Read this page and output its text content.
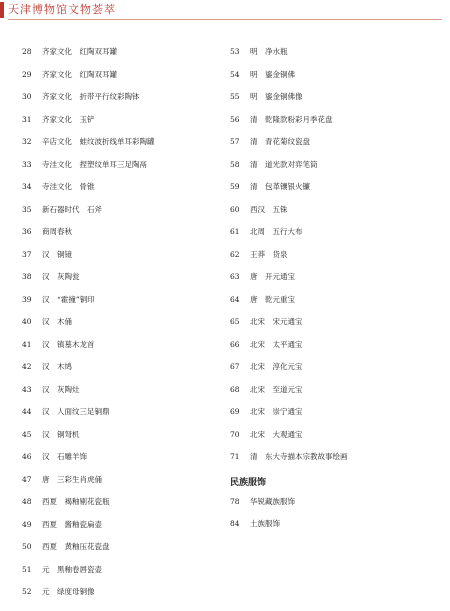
天津博物馆文物荟萃
28 齐家文化　红陶双耳罐
29 齐家文化　红陶双耳罐
30 齐家文化　折带平行纹彩陶钵
31 齐家文化　玉铲
32 辛店文化　蛙纹波折线单耳彩陶罐
33 寺洼文化　捏塑纹单耳三足陶鬲
34 寺洼文化　骨锥
35 新石器时代　石斧
36 商周春秋
37 汉　铜镜
38 汉　灰陶瓮
39 汉　“霍撞”铜印
40 汉　木俑
41 汉　镇墓木龙首
42 汉　木鸠
43 汉　灰陶灶
44 汉　人面纹三足铜鼎
45 汉　铜弩机
46 汉　石雕羊饰
47 唐　三彩生肖虎俑
48 西夏　褐釉剔花瓷瓶
49 西夏　酱釉瓷扁壶
50 西夏　黄釉压花瓷盘
51 元　黑釉卷唇瓷壶
52 元　绿度母铜像
53 明　净水瓶
54 明　鎏金铜佛
55 明　鎏金铜佛像
56 清　乾隆款粉彩月季花盘
57 清　青花菊纹瓷盘
58 清　道光款对弈笔筒
59 清　包革镶银火镰
60 西汉　五铢
61 北周　五行大布
62 王莽　货泉
63 唐　开元通宝
64 唐　乾元重宝
65 北宋　宋元通宝
66 北宋　太平通宝
67 北宋　淳化元宝
68 北宋　至道元宝
69 北宋　崇宁通宝
70 北宋　大观通宝
71 清　东大寺描本宗教故事绘画
民族服饰
78 华锐藏族服饰
84 土族服饰
